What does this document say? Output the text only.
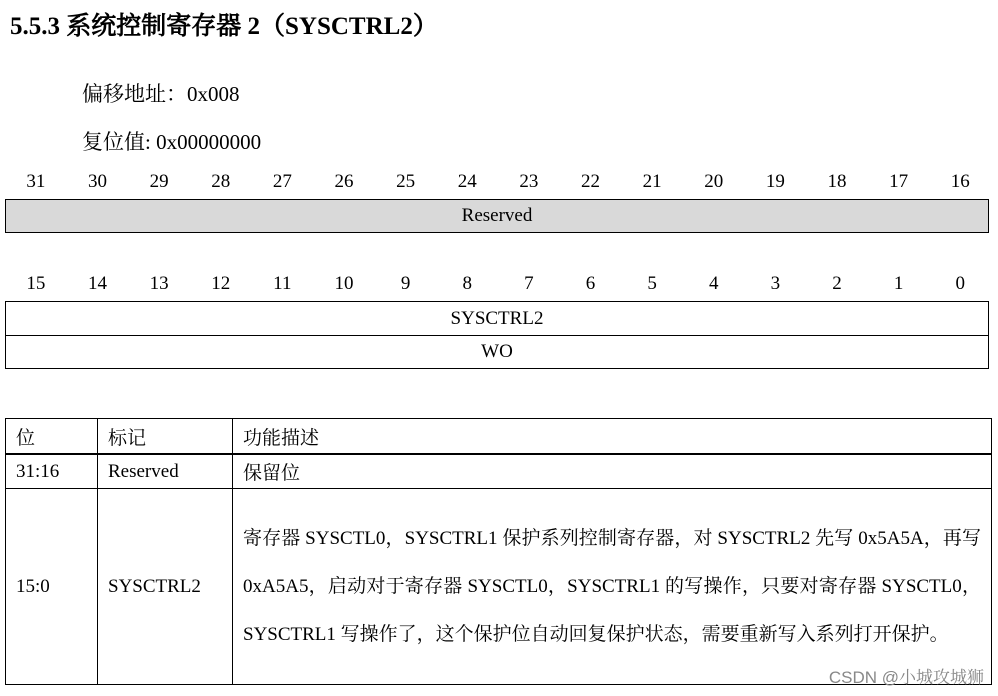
5.5.3 系统控制寄存器 2（SYSCTRL2）
偏移地址：0x008
复位值: 0x00000000
31	30	29	28	27	26	25	24	23	22	21	20	19	18	17	16
Reserved
15	14	13	12	11	10	9	8	7	6	5	4	3	2	1	0
SYSCTRL2
WO
位	标记	功能描述
31:16	Reserved	保留位
15:0	SYSCTRL2	寄存器 SYSCTL0，SYSCTRL1 保护系列控制寄存器，对 SYSCTRL2 先写 0x5A5A，再写 0xA5A5，启动对于寄存器 SYSCTL0，SYSCTRL1 的写操作，只要对寄存器 SYSCTL0，SYSCTRL1 写操作了，这个保护位自动回复保护状态，需要重新写入系列打开保护。
CSDN @小城攻城狮
